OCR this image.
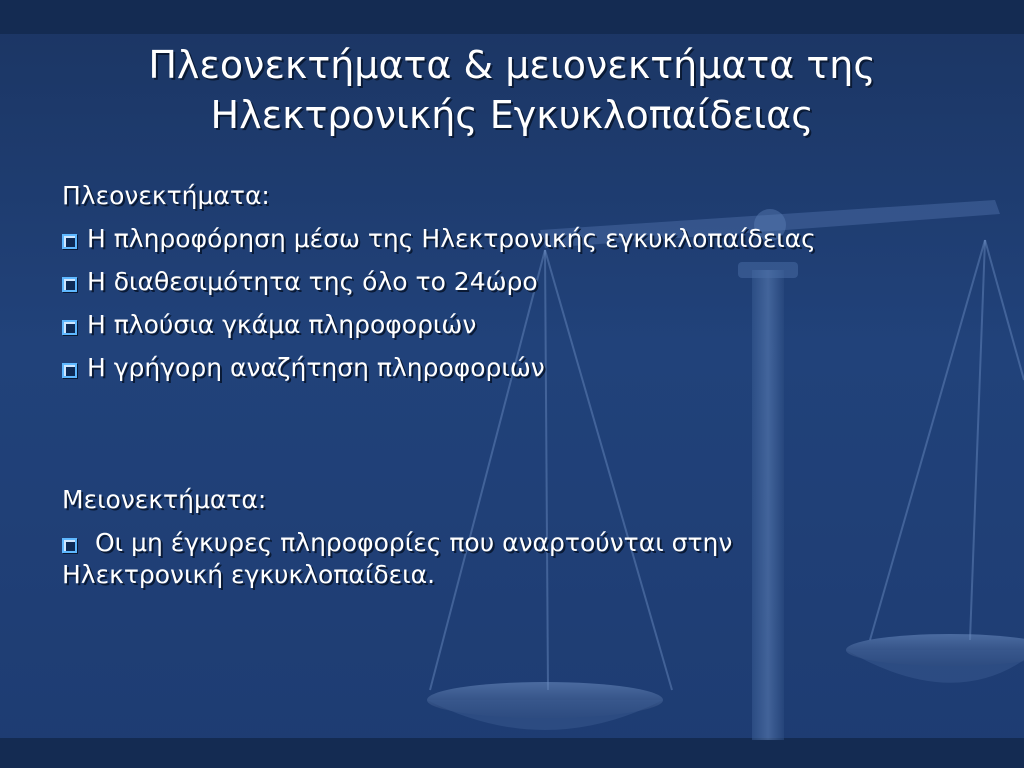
Πλεονεκτήματα & μειονεκτήματα της
Ηλεκτρονικής Εγκυκλοπαίδειας
Πλεονεκτήματα:
Η πληροφόρηση μέσω της Ηλεκτρονικής εγκυκλοπαίδειας
Η διαθεσιμότητα της όλο το 24ώρο
Η πλούσια γκάμα πληροφοριών
Η γρήγορη αναζήτηση πληροφοριών
Μειονεκτήματα:
Οι μη έγκυρες πληροφορίες που αναρτούνται στην Ηλεκτρονική εγκυκλοπαίδεια.
